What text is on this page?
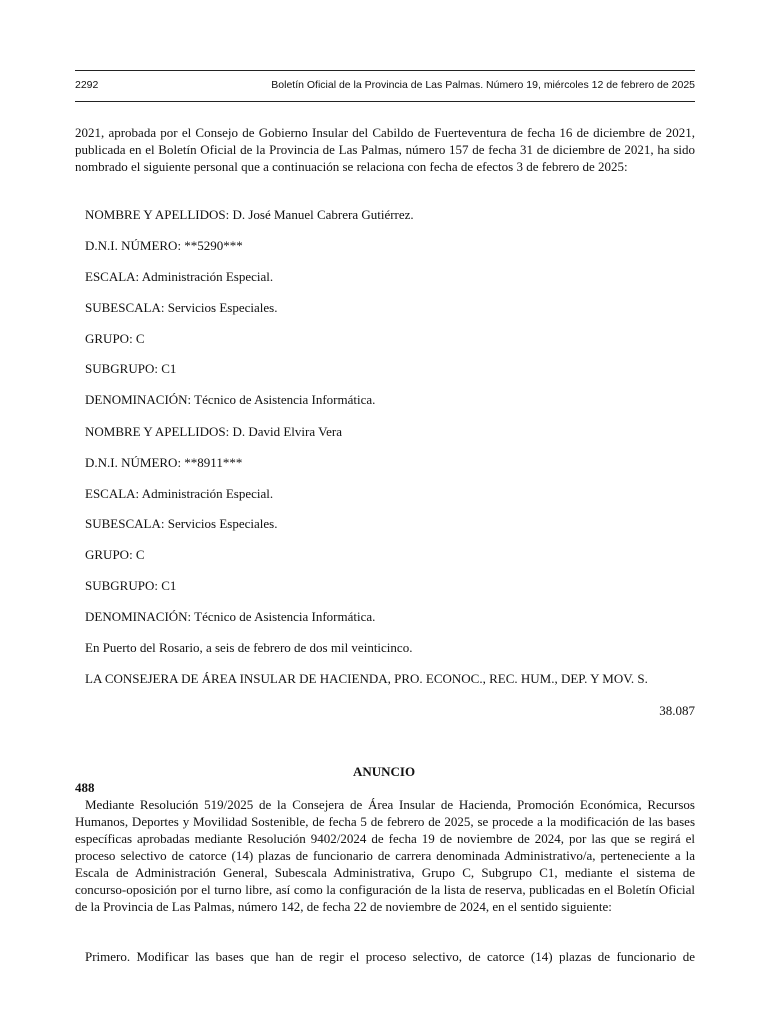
2292	Boletín Oficial de la Provincia de Las Palmas. Número 19, miércoles 12 de febrero de 2025
2021, aprobada por el Consejo de Gobierno Insular del Cabildo de Fuerteventura de fecha 16 de diciembre de 2021, publicada en el Boletín Oficial de la Provincia de Las Palmas, número 157 de fecha 31 de diciembre de 2021, ha sido nombrado el siguiente personal que a continuación se relaciona con fecha de efectos 3 de febrero de 2025:
NOMBRE Y APELLIDOS: D. José Manuel Cabrera Gutiérrez.
D.N.I. NÚMERO: **5290***
ESCALA: Administración Especial.
SUBESCALA: Servicios Especiales.
GRUPO: C
SUBGRUPO: C1
DENOMINACIÓN: Técnico de Asistencia Informática.
NOMBRE Y APELLIDOS: D. David Elvira Vera
D.N.I. NÚMERO: **8911***
ESCALA: Administración Especial.
SUBESCALA: Servicios Especiales.
GRUPO: C
SUBGRUPO: C1
DENOMINACIÓN: Técnico de Asistencia Informática.
En Puerto del Rosario, a seis de febrero de dos mil veinticinco.
LA CONSEJERA DE ÁREA INSULAR DE HACIENDA, PRO. ECONOC., REC. HUM., DEP. Y MOV. S.
38.087
ANUNCIO
488
Mediante Resolución 519/2025 de la Consejera de Área Insular de Hacienda, Promoción Económica, Recursos Humanos, Deportes y Movilidad Sostenible, de fecha 5 de febrero de 2025, se procede a la modificación de las bases específicas aprobadas mediante Resolución 9402/2024 de fecha 19 de noviembre de 2024, por las que se regirá el proceso selectivo de catorce (14) plazas de funcionario de carrera denominada Administrativo/a, perteneciente a la Escala de Administración General, Subescala Administrativa, Grupo C, Subgrupo C1, mediante el sistema de concurso-oposición por el turno libre, así como la configuración de la lista de reserva, publicadas en el Boletín Oficial de la Provincia de Las Palmas, número 142, de fecha 22 de noviembre de 2024, en el sentido siguiente:
Primero. Modificar las bases que han de regir el proceso selectivo, de catorce (14) plazas de funcionario de
